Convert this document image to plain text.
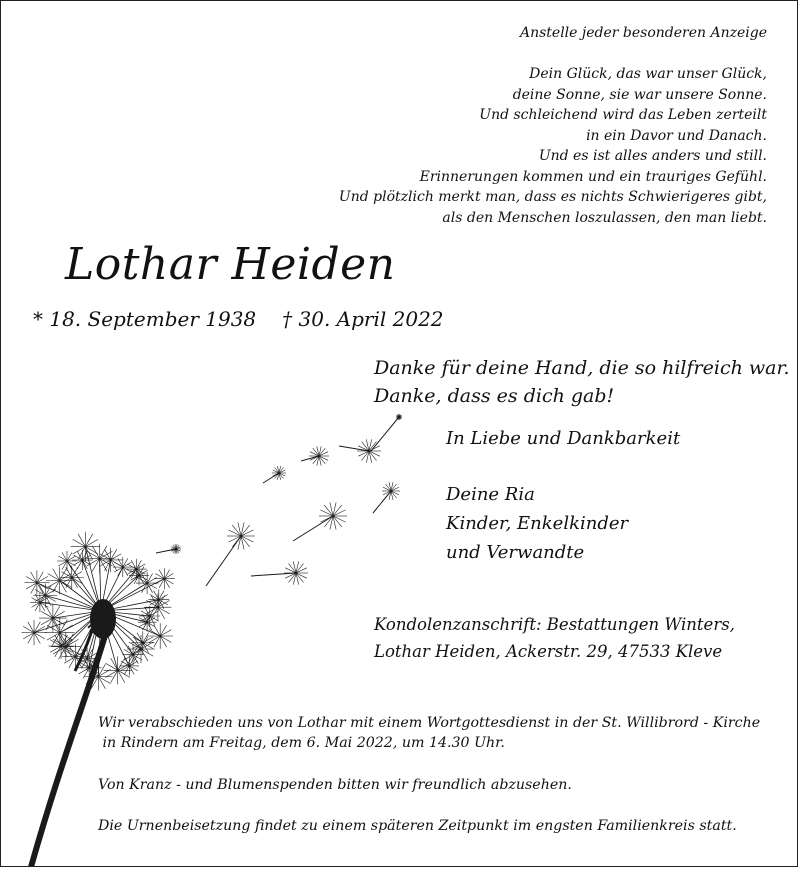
Anstelle jeder besonderen Anzeige
Dein Glück, das war unser Glück,
deine Sonne, sie war unsere Sonne.
Und schleichend wird das Leben zerteilt
in ein Davor und Danach.
Und es ist alles anders und still.
Erinnerungen kommen und ein trauriges Gefühl.
Und plötzlich merkt man, dass es nichts Schwierigeres gibt,
als den Menschen loszulassen, den man liebt.
Lothar Heiden
* 18. September 1938 † 30. April 2022
Danke für deine Hand, die so hilfreich war.
Danke, dass es dich gab!
In Liebe und Dankbarkeit
Deine Ria
Kinder, Enkelkinder
und Verwandte
Kondolenzanschrift: Bestattungen Winters,
Lothar Heiden, Ackerstr. 29, 47533 Kleve
Wir verabschieden uns von Lothar mit einem Wortgottesdienst in der St. Willibrord - Kirche
in Rindern am Freitag, dem 6. Mai 2022, um 14.30 Uhr.
Von Kranz - und Blumenspenden bitten wir freundlich abzusehen.
Die Urnenbeisetzung findet zu einem späteren Zeitpunkt im engsten Familienkreis statt.
